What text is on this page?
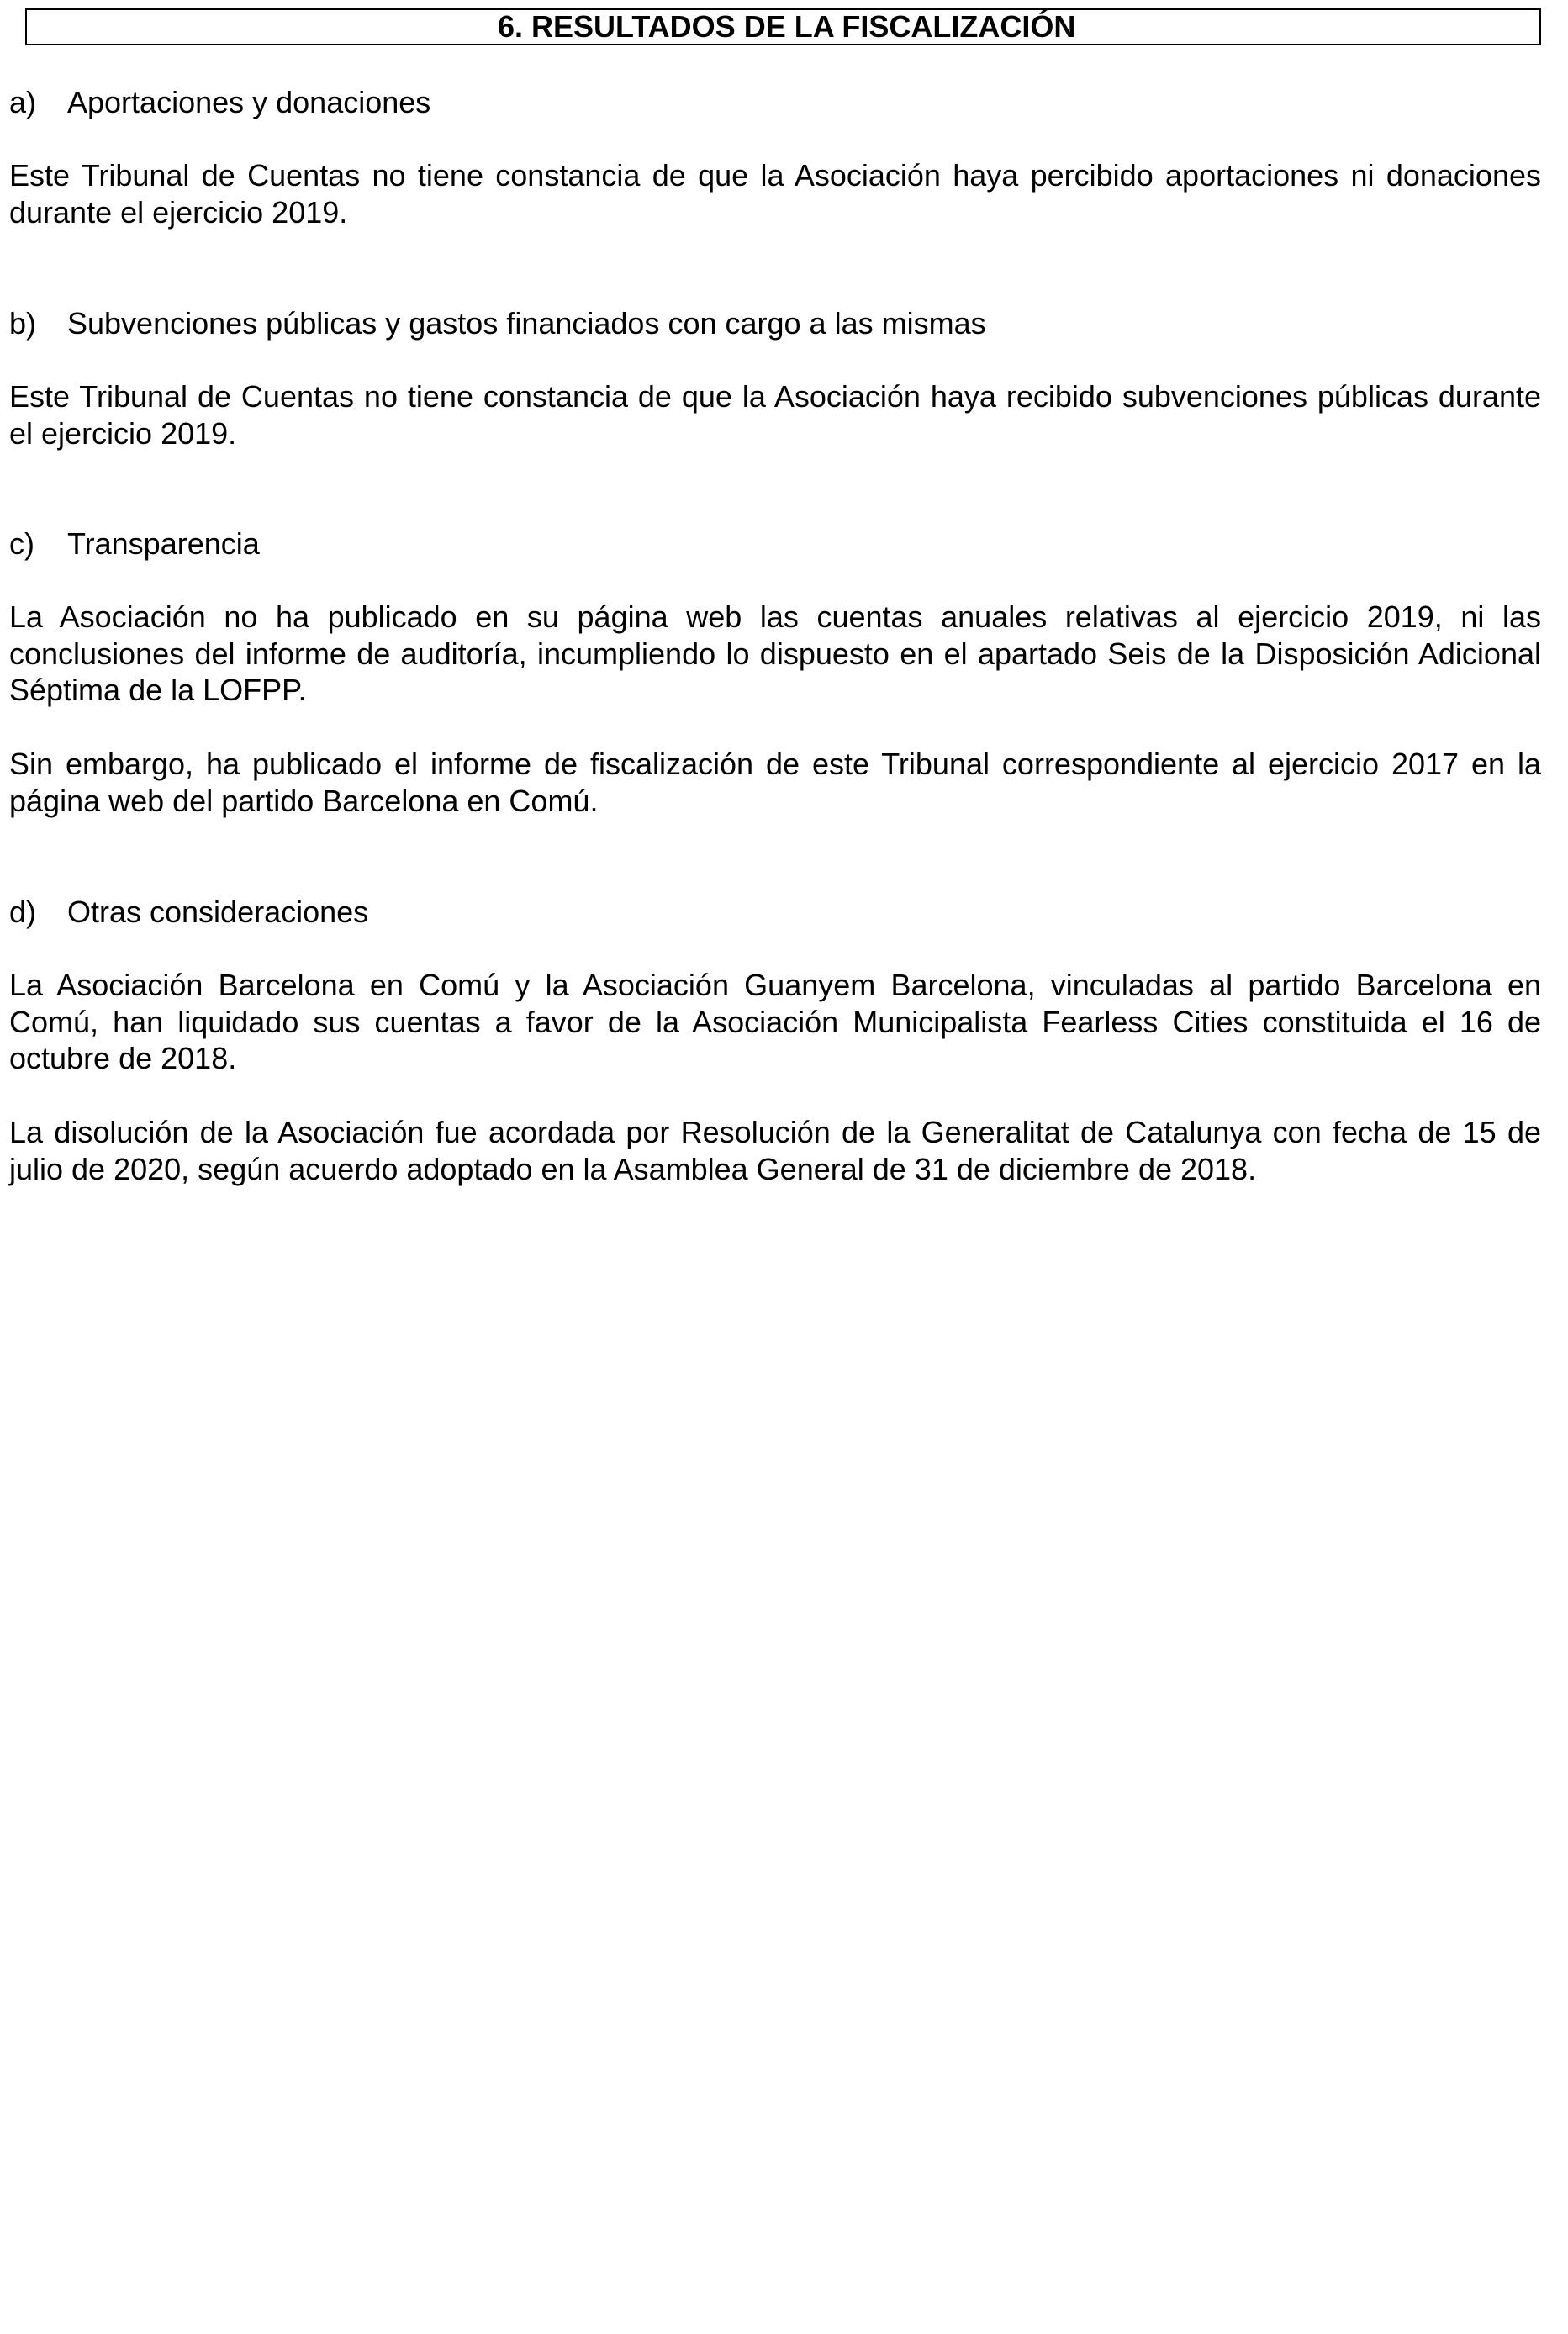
6. RESULTADOS DE LA FISCALIZACIÓN
a) Aportaciones y donaciones
Este Tribunal de Cuentas no tiene constancia de que la Asociación haya percibido aportaciones ni donaciones durante el ejercicio 2019.
b) Subvenciones públicas y gastos financiados con cargo a las mismas
Este Tribunal de Cuentas no tiene constancia de que la Asociación haya recibido subvenciones públicas durante el ejercicio 2019.
c) Transparencia
La Asociación no ha publicado en su página web las cuentas anuales relativas al ejercicio 2019, ni las conclusiones del informe de auditoría, incumpliendo lo dispuesto en el apartado Seis de la Disposición Adicional Séptima de la LOFPP.
Sin embargo, ha publicado el informe de fiscalización de este Tribunal correspondiente al ejercicio 2017 en la página web del partido Barcelona en Comú.
d) Otras consideraciones
La Asociación Barcelona en Comú y la Asociación Guanyem Barcelona, vinculadas al partido Barcelona en Comú, han liquidado sus cuentas a favor de la Asociación Municipalista Fearless Cities constituida el 16 de octubre de 2018.
La disolución de la Asociación fue acordada por Resolución de la Generalitat de Catalunya con fecha de 15 de julio de 2020, según acuerdo adoptado en la Asamblea General de 31 de diciembre de 2018.
